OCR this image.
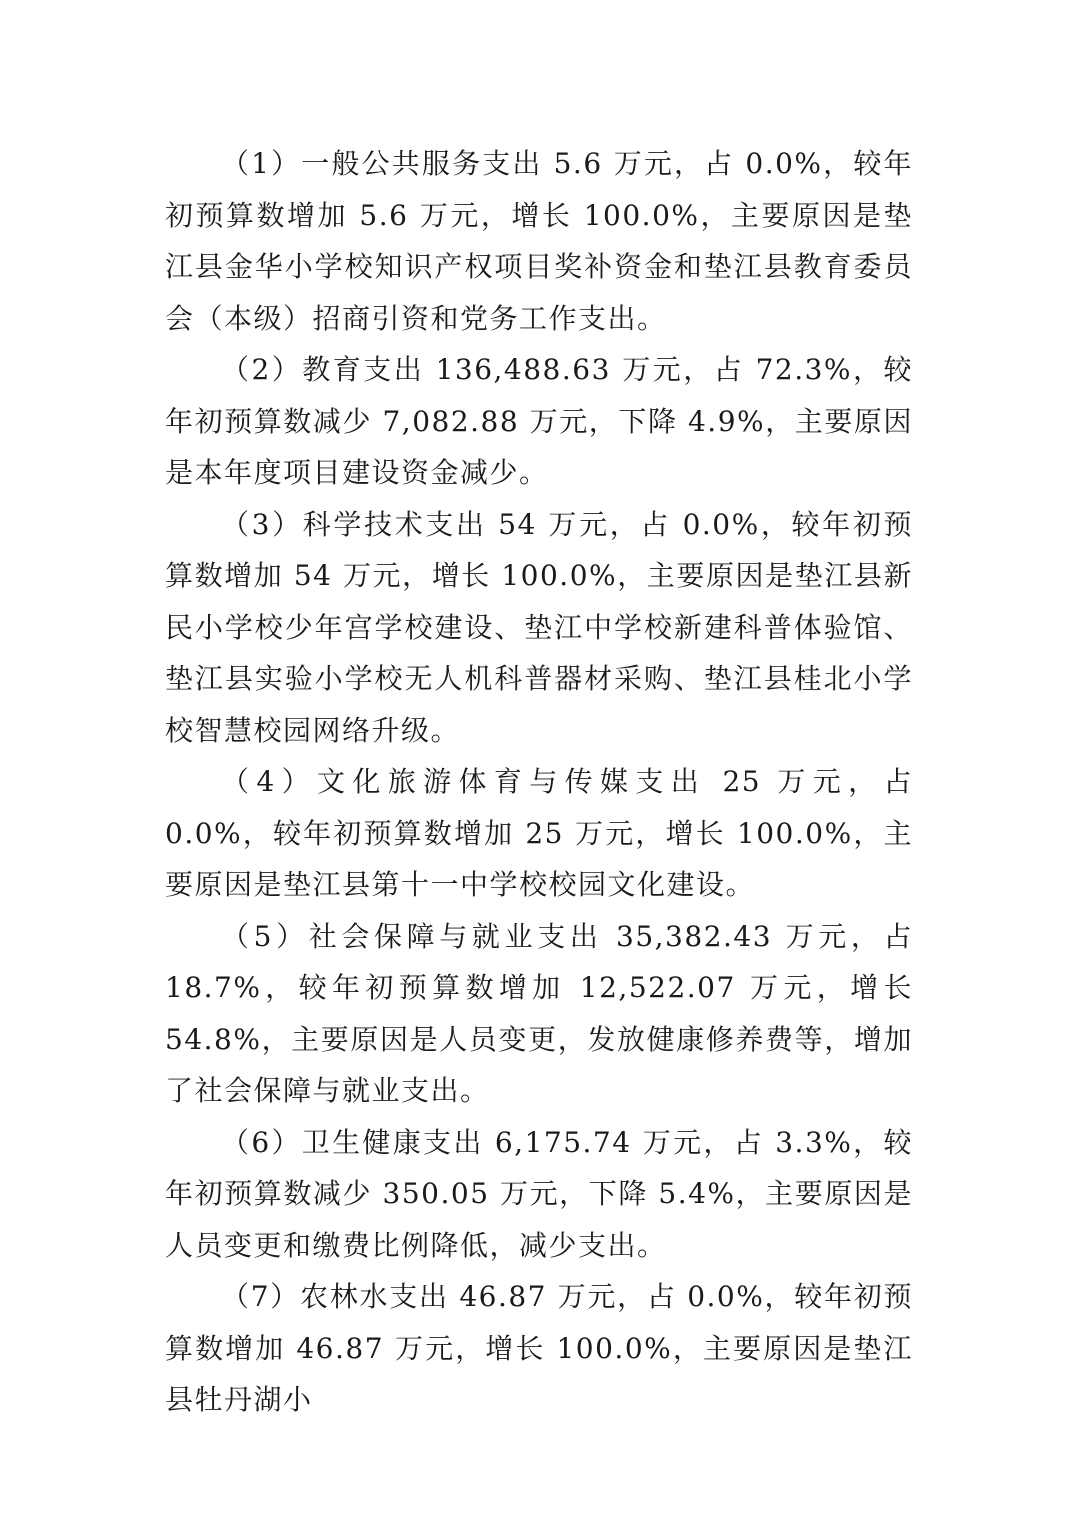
（1）一般公共服务支出 5.6 万元，占 0.0%，较年初预算数增加 5.6 万元，增长 100.0%，主要原因是垫江县金华小学校知识产权项目奖补资金和垫江县教育委员会（本级）招商引资和党务工作支出。

（2）教育支出 136,488.63 万元，占 72.3%，较年初预算数减少 7,082.88 万元，下降 4.9%，主要原因是本年度项目建设资金减少。

（3）科学技术支出 54 万元，占 0.0%，较年初预算数增加 54 万元，增长 100.0%，主要原因是垫江县新民小学校少年宫学校建设、垫江中学校新建科普体验馆、垫江县实验小学校无人机科普器材采购、垫江县桂北小学校智慧校园网络升级。

（4）文化旅游体育与传媒支出 25 万元，占 0.0%，较年初预算数增加 25 万元，增长 100.0%，主要原因是垫江县第十一中学校校园文化建设。

（5）社会保障与就业支出 35,382.43 万元，占 18.7%，较年初预算数增加 12,522.07 万元，增长 54.8%，主要原因是人员变更，发放健康修养费等，增加了社会保障与就业支出。

（6）卫生健康支出 6,175.74 万元，占 3.3%，较年初预算数减少 350.05 万元，下降 5.4%，主要原因是人员变更和缴费比例降低，减少支出。

（7）农林水支出 46.87 万元，占 0.0%，较年初预算数增加 46.87 万元，增长 100.0%，主要原因是垫江县牡丹湖小
